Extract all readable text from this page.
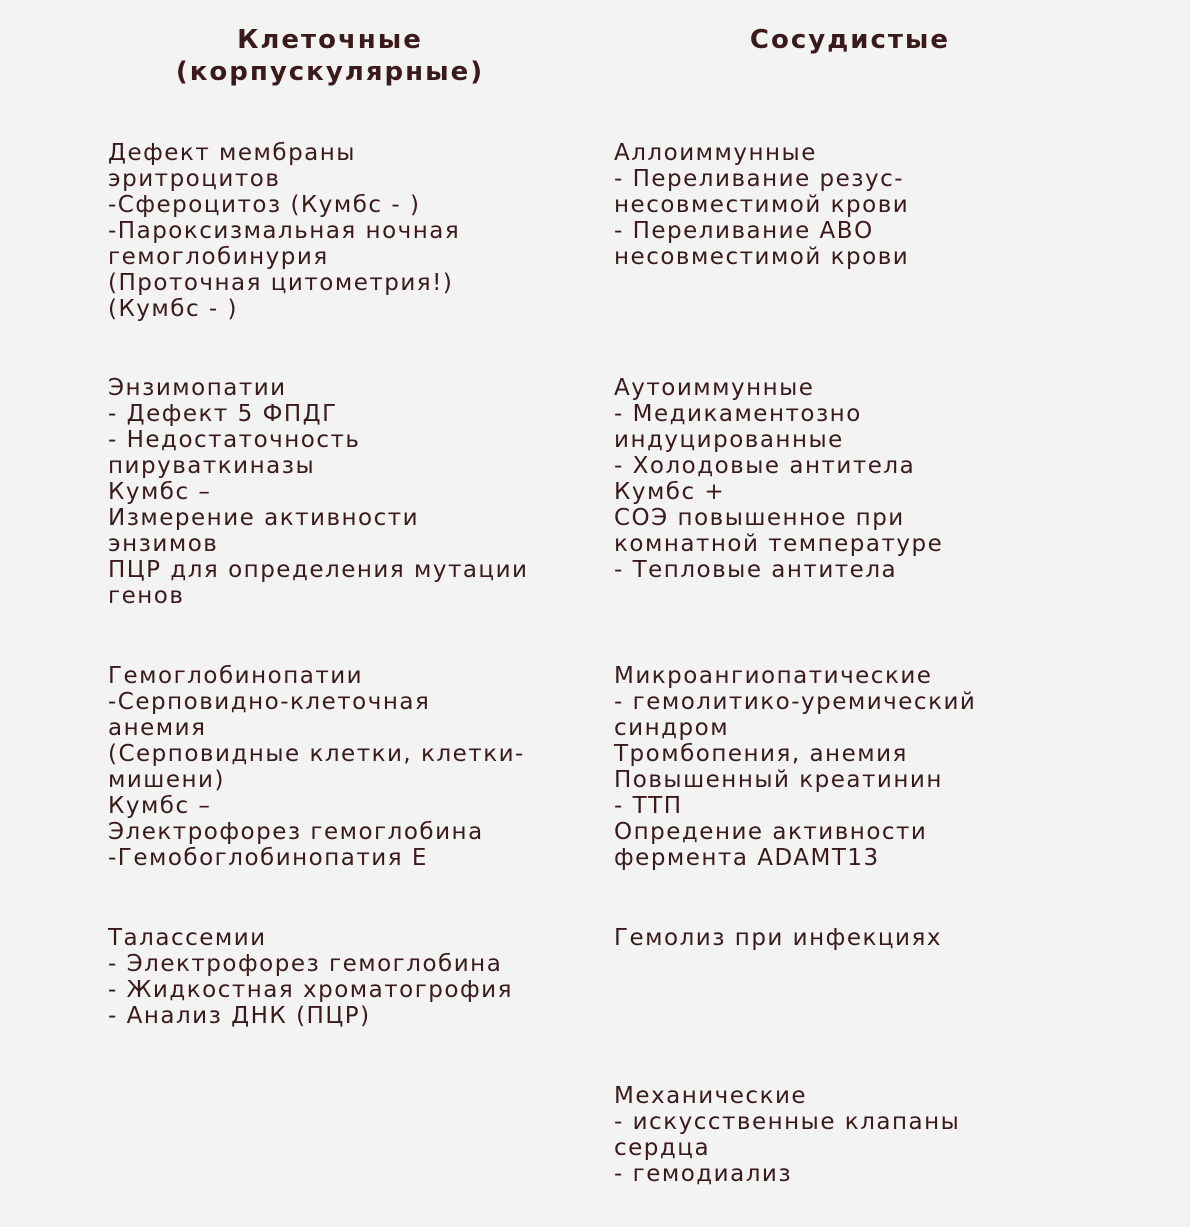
Клеточные
(корпускулярные)
Сосудистые
Дефект мембраны
эритроцитов
-Сфероцитоз (Кумбс - )
-Пароксизмальная ночная
гемоглобинурия
(Проточная цитометрия!)
(Кумбс - )
Энзимопатии
- Дефект 5 ФПДГ
- Недостаточность
пируваткиназы
Кумбс –
Измерение активности
энзимов
ПЦР для определения мутации
генов
Гемоглобинопатии
-Серповидно-клеточная
анемия
(Серповидные клетки, клетки-
мишени)
Кумбс –
Электрофорез гемоглобина
-Гемобоглобинопатия Е
Талассемии
- Электрофорез гемоглобина
- Жидкостная хроматогрофия
- Анализ ДНК (ПЦР)
Аллоиммунные
- Переливание резус-
несовместимой крови
- Переливание АВО
несовместимой крови
Аутоиммунные
- Медикаментозно
индуцированные
- Холодовые антитела
Кумбс +
СОЭ повышенное при
комнатной температуре
- Тепловые антитела
Микроангиопатические
- гемолитико-уремический
синдром
Тромбопения, анемия
Повышенный креатинин
- ТТП
Опредение активности
фермента ADAMT13
Гемолиз при инфекциях
Механические
- искусственные клапаны
сердца
- гемодиализ
